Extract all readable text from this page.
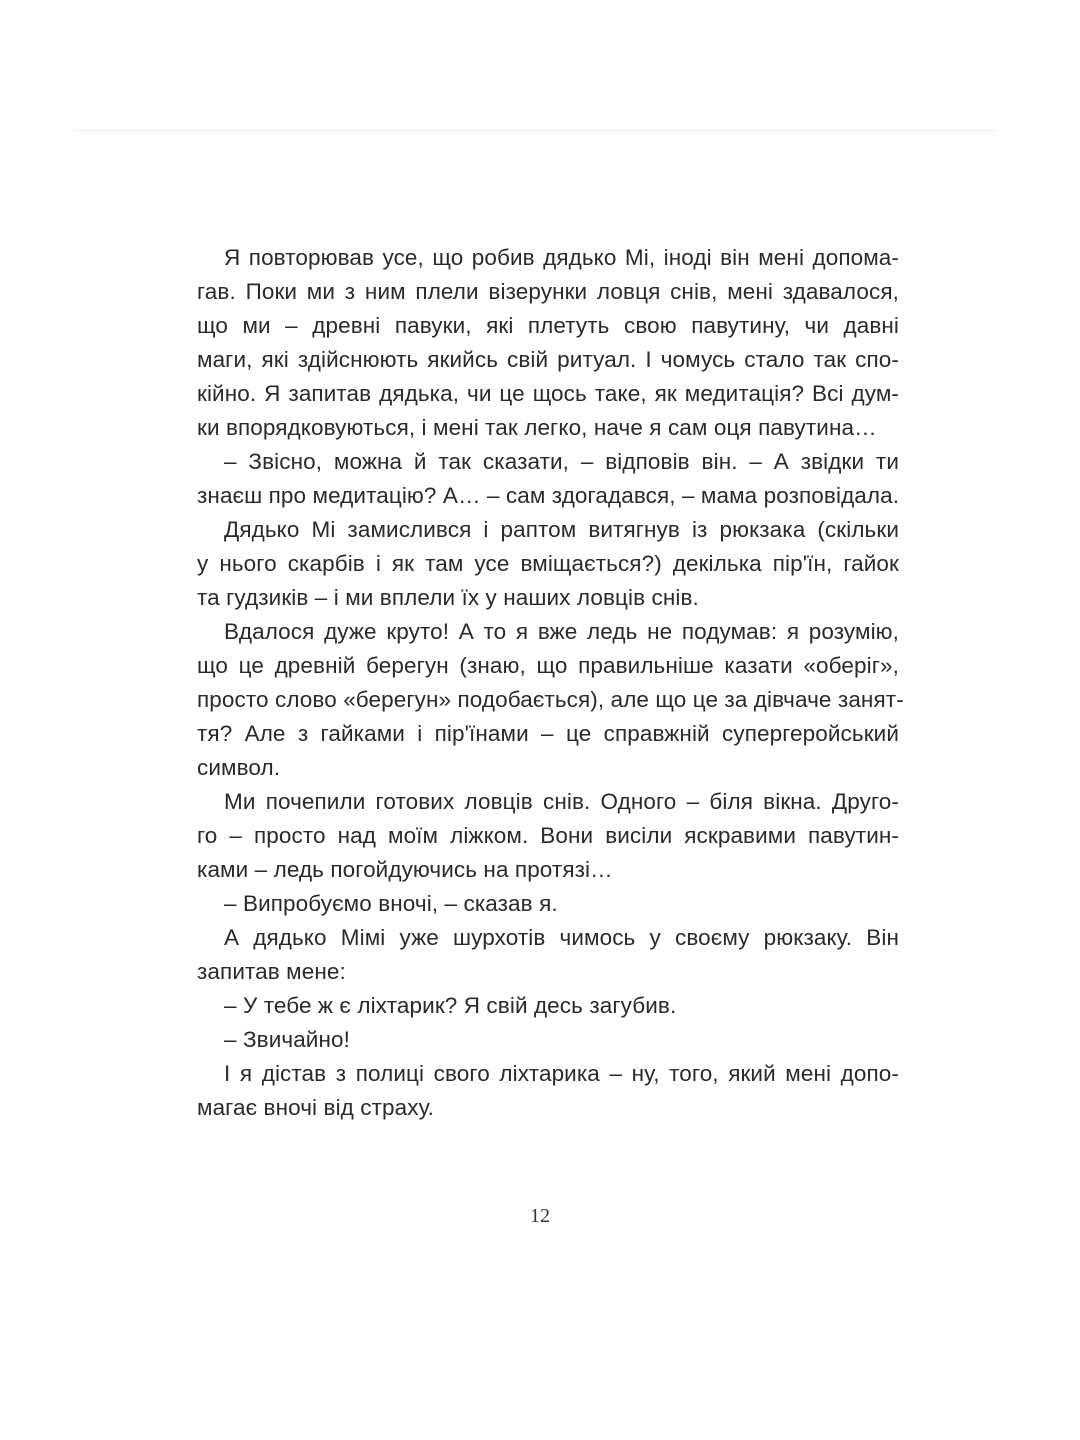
Я повторював усе, що робив дядько Мі, іноді він мені допома-
гав. Поки ми з ним плели візерунки ловця снів, мені здавалося,
що ми – древні павуки, які плетуть свою павутину, чи давні
маги, які здійснюють якийсь свій ритуал. І чомусь стало так спо-
кійно. Я запитав дядька, чи це щось таке, як медитація? Всі дум-
ки впорядковуються, і мені так легко, наче я сам оця павутина…
– Звісно, можна й так сказати, – відповів він. – А звідки ти
знаєш про медитацію? А… – сам здогадався, – мама розповідала.
Дядько Мі замислився і раптом витягнув із рюкзака (скільки
у нього скарбів і як там усе вміщається?) декілька пір'їн, гайок
та гудзиків – і ми вплели їх у наших ловців снів.
Вдалося дуже круто! А то я вже ледь не подумав: я розумію,
що це древній берегун (знаю, що правильніше казати «оберіг»,
просто слово «берегун» подобається), але що це за дівчаче занят-
тя? Але з гайками і пір'їнами – це справжній супергеройський
символ.
Ми почепили готових ловців снів. Одного – біля вікна. Друго-
го – просто над моїм ліжком. Вони висіли яскравими павутин-
ками – ледь погойдуючись на протязі…
– Випробуємо вночі, – сказав я.
А дядько Мімі уже шурхотів чимось у своєму рюкзаку. Він
запитав мене:
– У тебе ж є ліхтарик? Я свій десь загубив.
– Звичайно!
І я дістав з полиці свого ліхтарика – ну, того, який мені допо-
магає вночі від страху.
12
